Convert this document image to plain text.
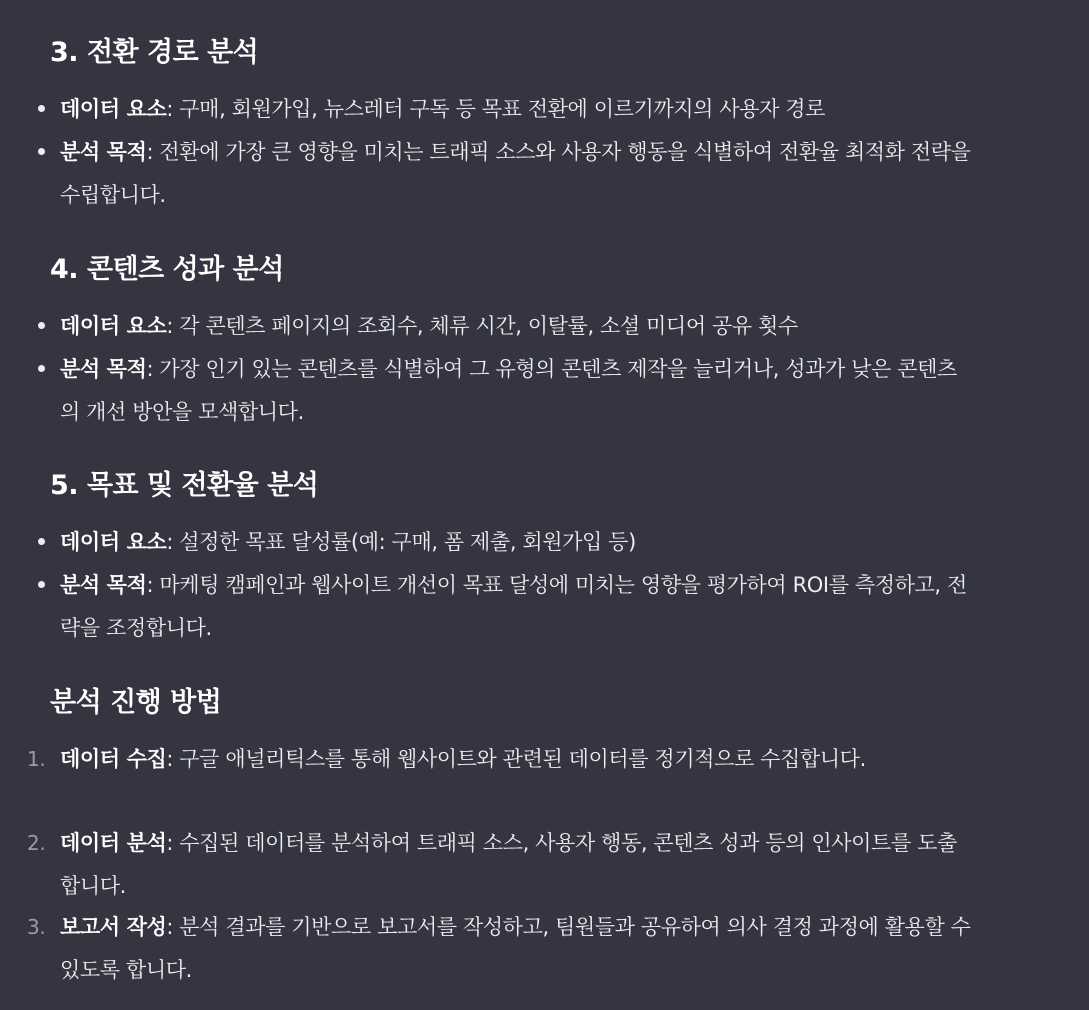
3. 전환 경로 분석
데이터 요소: 구매, 회원가입, 뉴스레터 구독 등 목표 전환에 이르기까지의 사용자 경로
분석 목적: 전환에 가장 큰 영향을 미치는 트래픽 소스와 사용자 행동을 식별하여 전환율 최적화 전략을 수립합니다.
4. 콘텐츠 성과 분석
데이터 요소: 각 콘텐츠 페이지의 조회수, 체류 시간, 이탈률, 소셜 미디어 공유 횟수
분석 목적: 가장 인기 있는 콘텐츠를 식별하여 그 유형의 콘텐츠 제작을 늘리거나, 성과가 낮은 콘텐츠의 개선 방안을 모색합니다.
5. 목표 및 전환율 분석
데이터 요소: 설정한 목표 달성률(예: 구매, 폼 제출, 회원가입 등)
분석 목적: 마케팅 캠페인과 웹사이트 개선이 목표 달성에 미치는 영향을 평가하여 ROI를 측정하고, 전략을 조정합니다.
분석 진행 방법
1. 데이터 수집: 구글 애널리틱스를 통해 웹사이트와 관련된 데이터를 정기적으로 수집합니다.
2. 데이터 분석: 수집된 데이터를 분석하여 트래픽 소스, 사용자 행동, 콘텐츠 성과 등의 인사이트를 도출합니다.
3. 보고서 작성: 분석 결과를 기반으로 보고서를 작성하고, 팀원들과 공유하여 의사 결정 과정에 활용할 수 있도록 합니다.
